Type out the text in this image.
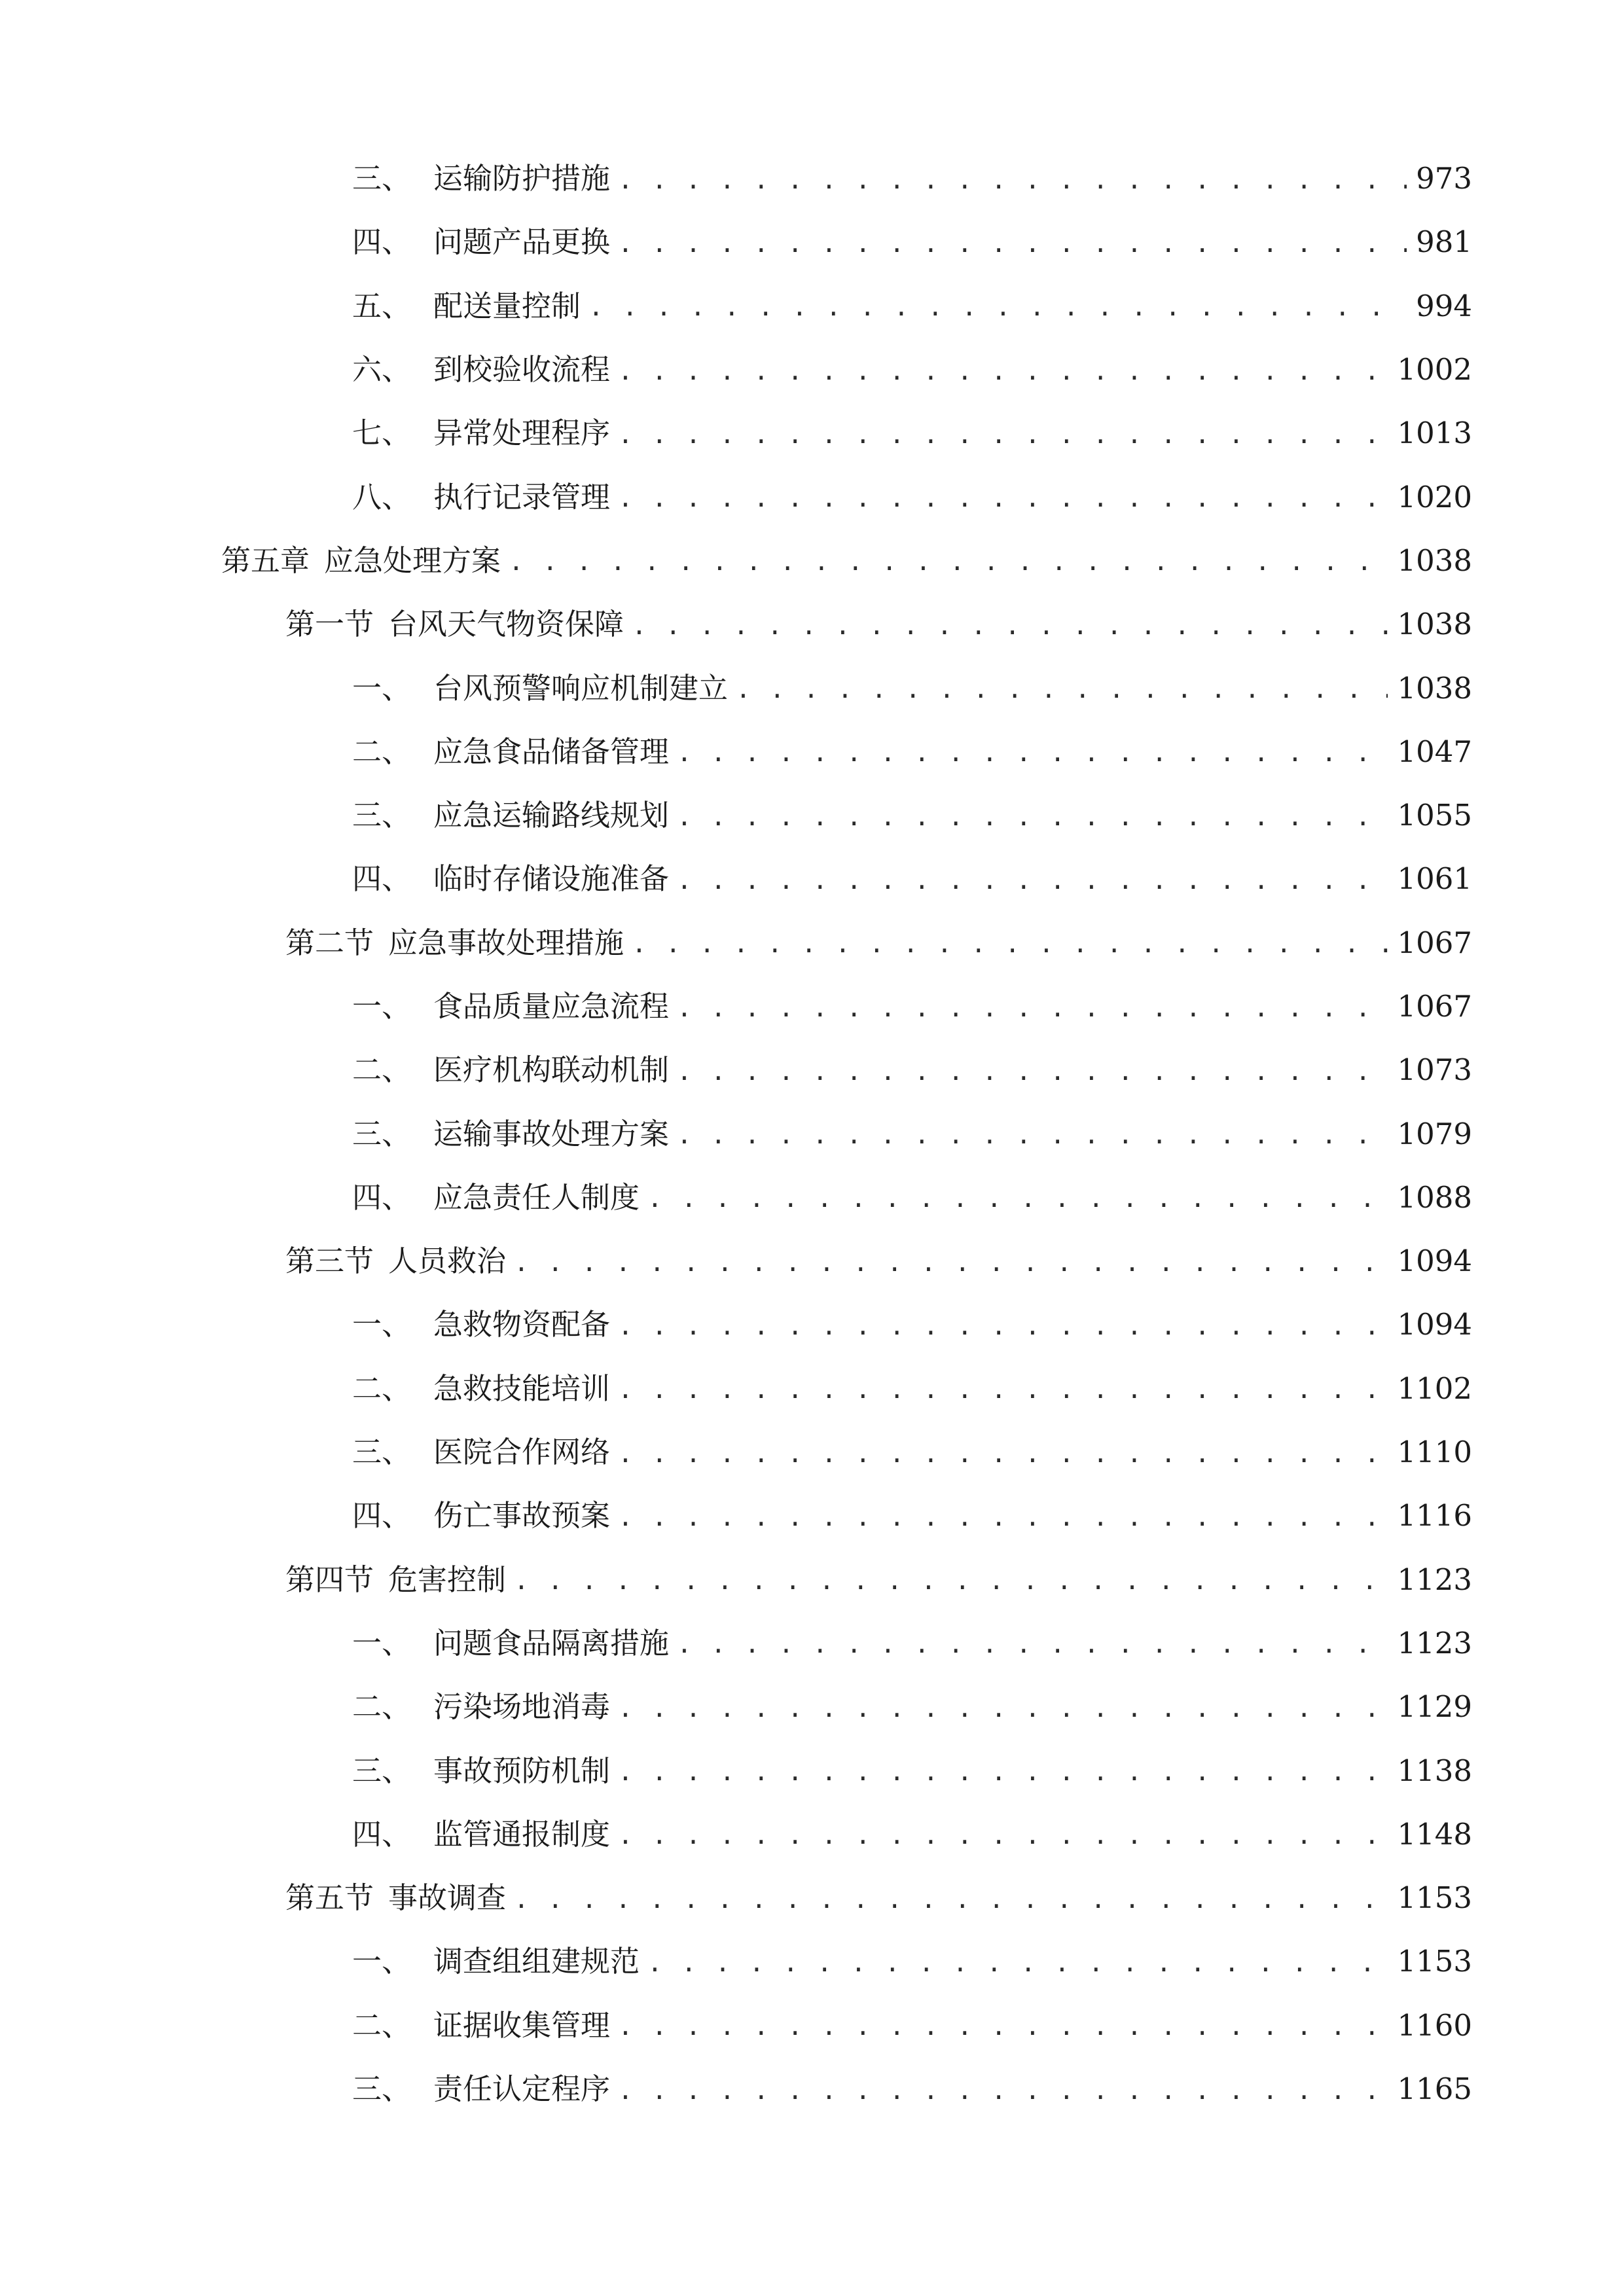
三、 运输防护措施 . . .	973
四、 问题产品更换 . . .	981
五、 配送量控制 . . .	994
六、 到校验收流程 . . .	1002
七、 异常处理程序 . . .	1013
八、 执行记录管理 . . .	1020
第五章 应急处理方案 . . .	1038
第一节 台风天气物资保障 . . .	1038
一、 台风预警响应机制建立 . . .	1038
二、 应急食品储备管理 . . .	1047
三、 应急运输路线规划 . . .	1055
四、 临时存储设施准备 . . .	1061
第二节 应急事故处理措施 . . .	1067
一、 食品质量应急流程 . . .	1067
二、 医疗机构联动机制 . . .	1073
三、 运输事故处理方案 . . .	1079
四、 应急责任人制度 . . .	1088
第三节 人员救治 . . .	1094
一、 急救物资配备 . . .	1094
二、 急救技能培训 . . .	1102
三、 医院合作网络 . . .	1110
四、 伤亡事故预案 . . .	1116
第四节 危害控制 . . .	1123
一、 问题食品隔离措施 . . .	1123
二、 污染场地消毒 . . .	1129
三、 事故预防机制 . . .	1138
四、 监管通报制度 . . .	1148
第五节 事故调查 . . .	1153
一、 调查组组建规范 . . .	1153
二、 证据收集管理 . . .	1160
三、 责任认定程序 . . .	1165
